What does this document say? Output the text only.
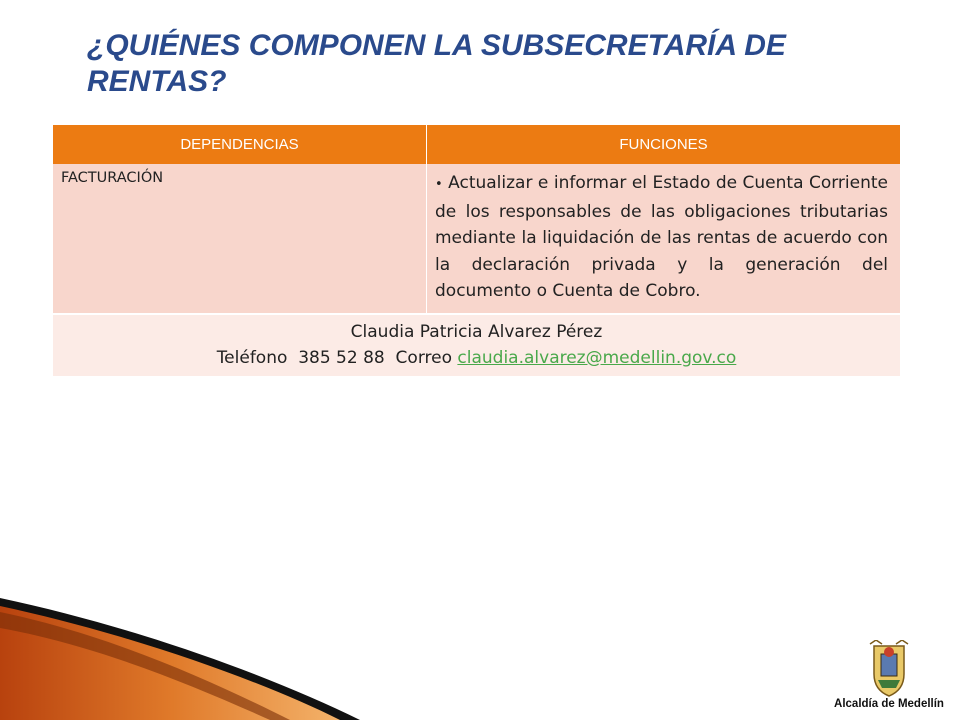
¿QUIÉNES COMPONEN LA SUBSECRETARÍA DE RENTAS?
DEPENDENCIAS	FUNCIONES
FACTURACIÓN	• Actualizar e informar el Estado de Cuenta Corriente de los responsables de las obligaciones tributarias mediante la liquidación de las rentas de acuerdo con la declaración privada y la generación del documento o Cuenta de Cobro.

Claudia Patricia Alvarez Pérez
Teléfono 385 52 88 Correo claudia.alvarez@medellin.gov.co	
Alcaldía de Medellín
